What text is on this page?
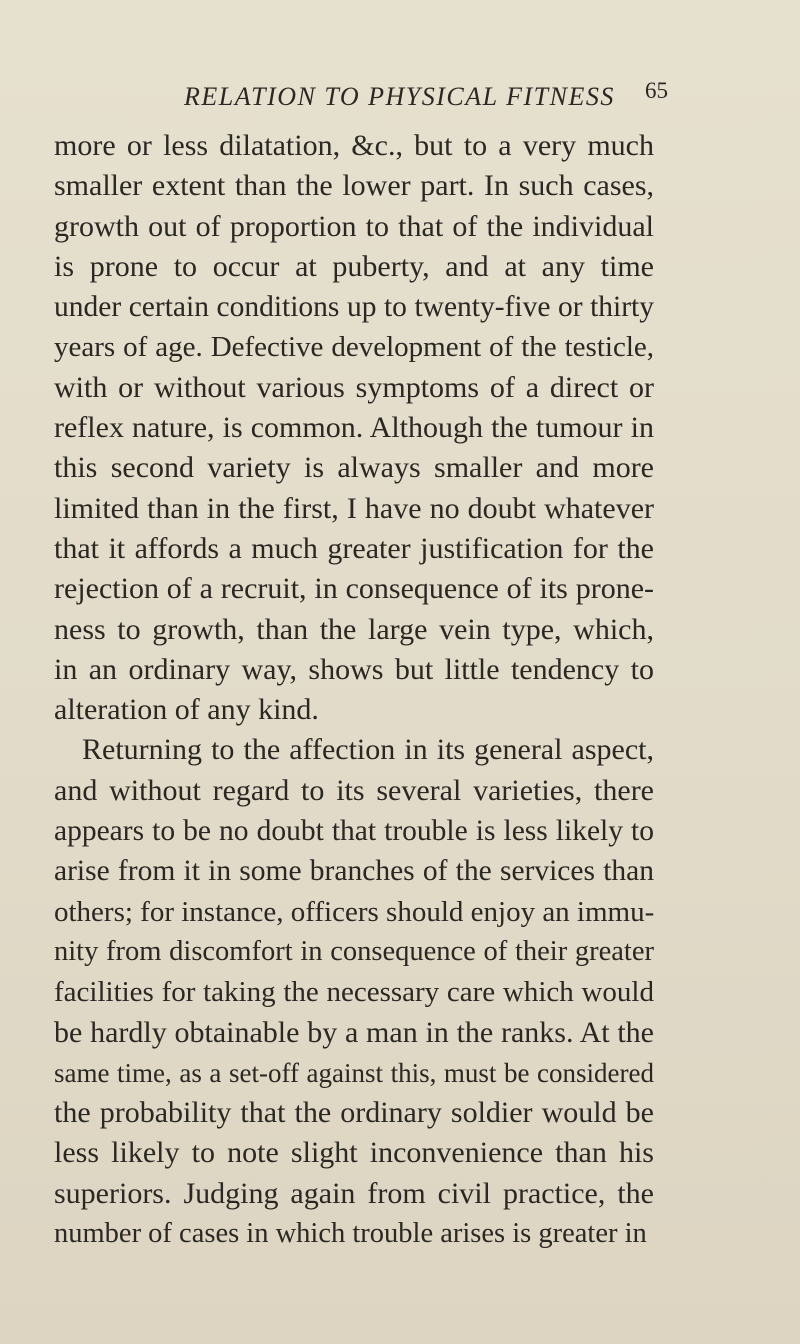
RELATION TO PHYSICAL FITNESS 65
more or less dilatation, &c., but to a very much
smaller extent than the lower part. In such cases,
growth out of proportion to that of the individual
is prone to occur at puberty, and at any time
under certain conditions up to twenty-five or thirty
years of age. Defective development of the testicle,
with or without various symptoms of a direct or
reflex nature, is common. Although the tumour in
this second variety is always smaller and more
limited than in the first, I have no doubt whatever
that it affords a much greater justification for the
rejection of a recruit, in consequence of its prone-
ness to growth, than the large vein type, which,
in an ordinary way, shows but little tendency to
alteration of any kind.
Returning to the affection in its general aspect,
and without regard to its several varieties, there
appears to be no doubt that trouble is less likely to
arise from it in some branches of the services than
others; for instance, officers should enjoy an immu-
nity from discomfort in consequence of their greater
facilities for taking the necessary care which would
be hardly obtainable by a man in the ranks. At the
same time, as a set-off against this, must be considered
the probability that the ordinary soldier would be
less likely to note slight inconvenience than his
superiors. Judging again from civil practice, the
number of cases in which trouble arises is greater in
